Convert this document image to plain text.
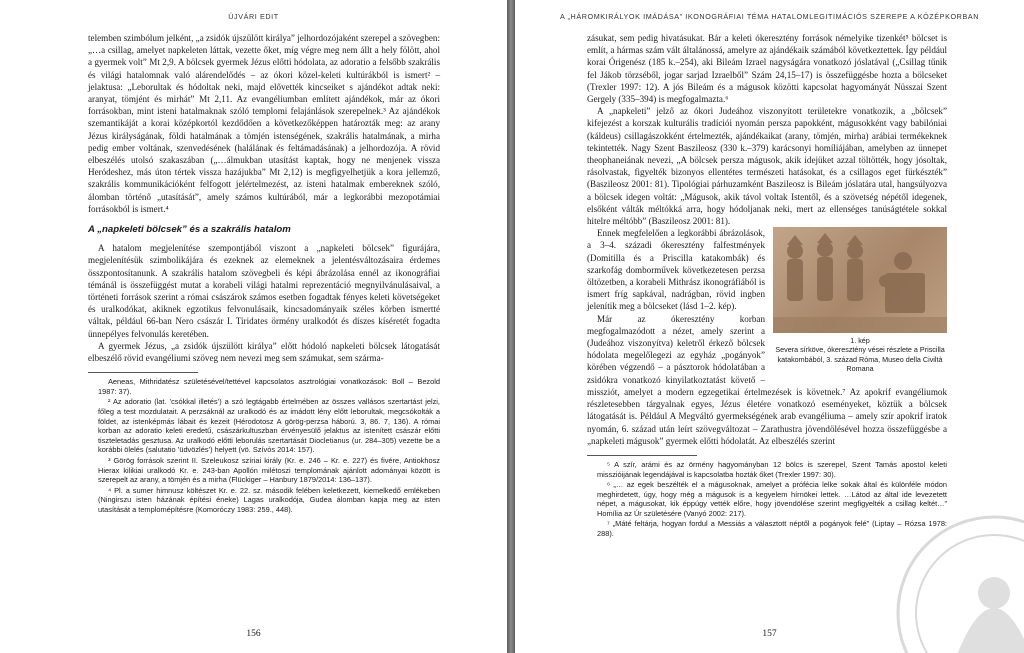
ÚJVÁRI EDIT

telemben szimbólum jelként, „a zsidók újszülött királya” jelhordozójaként szerepel a szövegben: „…a csillag, amelyet napkeleten láttak, vezette őket, míg végre meg nem állt a hely fölött, ahol a gyermek volt” Mt 2,9. A bölcsek gyermek Jézus előtti hódolata, az adoratio a felsőbb szakrális és világi hatalomnak való alárendelődés – az ókori közel-keleti kultúrákból is ismert² – jelaktusa: „Leborultak és hódoltak neki, majd elővették kincseiket s ajándékot adtak neki: aranyat, tömjént és mirhát” Mt 2,11. Az evangéliumban említett ajándékok, már az ókori forrásokban, mint isteni hatalmaknak szóló templomi felajánlások szerepelnek.³ Az ajándékok szemantikáját a korai középkortól kezdődően a következőképpen határozták meg: az arany Jézus királyságának, földi hatalmának a tömjén istenségének, szakrális hatalmának, a mirha pedig ember voltának, szenvedésének (halálának és feltámadásának) a jelhordozója. A rövid elbeszélés utolsó szakaszában („…álmukban utasítást kaptak, hogy ne menjenek vissza Heródeshez, más úton tértek vissza hazájukba” Mt 2,12) is megfigyelhetjük a kora jellemző, szakrális kommunikációként felfogott jelértelmezést, az isteni hatalmak embereknek szóló, álomban történő „utasítását”, amely számos kultúrából, már a legkorábbi mezopotámiai forrásokból is ismert.⁴

A „napkeleti bölcsek” és a szakrális hatalom

A hatalom megjelenítése szempontjából viszont a „napkeleti bölcsek” figurájára, megjelenítésük szimbolikájára és ezeknek az elemeknek a jelentésváltozásaira érdemes összpontosítanunk. A szakrális hatalom szövegbeli és képi ábrázolása ennél az ikonográfiai témánál is összefüggést mutat a korabeli világi hatalmi reprezentáció megnyilvánulásaival, a történeti források szerint a római császárok számos esetben fogadtak fényes keleti követségeket és uralkodókat, akiknek egzotikus felvonulásaik, kincsadományaik széles körben ismertté váltak, például 66-ban Nero császár I. Tiridates örmény uralkodót és díszes kíséretét fogadta ünnepélyes felvonulás keretében.

A gyermek Jézus, „a zsidók újszülött királya” előtt hódoló napkeleti bölcsek látogatását elbeszélő rövid evangéliumi szöveg nem nevezi meg sem számukat, sem szárma-

Aeneas, Mithridatész születésével/tettével kapcsolatos asztrológiai vonatkozások: Boll – Bezold 1987: 37).

² Az adoratio (lat. ’csókkal illetés’) a szó legtágabb értelmében az összes vallásos szertartást jelzi, főleg a test mozdulatait. A perzsáknál az uralkodó és az imádott lény előtt leborultak, megcsókolták a földet, az istenképmás lábait és kezeit (Hérodotosz A görög-perzsa háború. 3, 86. 7, 136). A római korban az adoratio keleti eredetű, császárkultuszban érvényesülő jelaktus az istenített császár előtti tiszteletadás gesztusa. Az uralkodó előtti leborulás szertartását Diocletianus (ur. 284–305) vezette be a korábbi ölelés (salutatio ’üdvözlés’) helyett (vö. Szívós 2014: 157).

³ Görög források szerint II. Szeleukosz szíriai király (Kr. e. 246 – Kr. e. 227) és fivére, Antiokhosz Hierax kilikiai uralkodó Kr. e. 243-ban Apollón milétoszi templomának ajánlott adományai között is szerepelt az arany, a tömjén és a mirha (Flückiger – Hanbury 1879/2014: 136–137).

⁴ Pl. a sumer himnusz költészet Kr. e. 22. sz. második felében keletkezett, kiemelkedő emlékeben (Ningirszu isten házának építési éneke) Lagas uralkodója, Gudea álomban kapja meg az isten utasítását a templomépítésre (Komoróczy 1983: 259., 448).

156
A „HÁROMKIRÁLYOK IMÁDÁSA” IKONOGRÁFIAI TÉMA HATALOMLEGITIMÁCIÓS SZEREPE A KÖZÉPKORBAN

zásukat, sem pedig hivatásukat. Bár a keleti ókeresztény források némelyike tizenkét⁵ bölcset is említ, a hármas szám vált általánossá, amelyre az ajándékaik számából következtettek. Így például korai Órigenész (185 k.–254), aki Bileám Izrael nagyságára vonatkozó jóslatával („Csillag tűnik fel Jákob törzséből, jogar sarjad Izraelből” Szám 24,15–17) is összefüggésbe hozta a bölcseket (Trexler 1997: 12). A jós Bileám és a mágusok közötti kapcsolat hagyományát Nüsszai Szent Gergely (335–394) is megfogalmazta.⁶

A „napkeleti” jelző az ókori Judeához viszonyított területekre vonatkozik, a „bölcsek” kifejezést a korszak kulturális tradíciói nyomán persza papokként, mágusokként vagy babilóniai (káldeus) csillagászokként értelmezték, ajándékaikat (arany, tömjén, mirha) arábiai termékeknek tekintették. Nagy Szent Baszileosz (330 k.–379) karácsonyi homíliájában, amelyben az ünnepet theophaneiának nevezi, „A bölcsek persza mágusok, akik idejüket azzal töltötték, hogy jósoltak, rásolvastak, figyelték bizonyos ellentétes természeti hatásokat, és a csillagos eget fürkészték” (Baszileosz 2001: 81). Tipológiai párhuzamként Baszileosz is Bileám jóslatára utal, hangsúlyozva a bölcsek idegen voltát: „Mágusok, akik távol voltak Istentől, és a szövetség népétől idegenek, elsőként válták méltókká arra, hogy hódoljanak neki, mert az ellenséges tanúságtétele sokkal hitelre méltóbb” (Baszileosz 2001: 81).

1. kép
Severa sírköve, ókeresztény vései részlete a Priscilla katakombából, 3. század Róma, Museo della Civiltà Romana

Ennek megfelelően a legkorábbi ábrázolások, a 3–4. századi ókeresztény falfestmények (Domitilla és a Priscilla katakombák) és szarkofág domborművek következetesen perzsa öltözetben, a korabeli Mithrász ikonográfiából is ismert fríg sapkával, nadrágban, rövid ingben jelenítik meg a bölcseket (lásd 1–2. kép).

Már az ókeresztény korban megfogalmazódott a nézet, amely szerint a (Judeához viszonyítva) keletről érkező bölcsek hódolata megelőlegezi az egyház „pogányok” körében végzendő – a pásztorok hódolatában a zsidókra vonatkozó kinyilatkoztatást követő – missziót, amelyet a modern egzegetikai értelmezések is követnek.⁷ Az apokrif evangéliumok részletesebben tárgyalnak egyes, Jézus életére vonatkozó eseményeket, köztük a bölcsek látogatását is. Például A Megváltó gyermekségének arab evangéliuma – amely szír apokrif iratok nyomán, 6. század után leírt szövegváltozat – Zarathustra jövendölésével hozza összefüggésbe a „napkeleti mágusok” gyermek előtti hódolatát. Az elbeszélés szerint

⁵ A szír, arámi és az örmény hagyományban 12 bölcs is szerepel, Szent Tamás apostol keleti misszióijának legendájával is kapcsolatba hozták őket (Trexler 1997: 30).

⁶ „… az egek beszélték el a mágusoknak, amelyet a prófécia lelke sokak által és különféle módon meghirdetett, úgy, hogy még a mágusok is a kegyelem hírnökei lettek. …Látod az által ide levezetett népet, a mágusokat, kik éppúgy vették előre, hogy jövendölése szerint megfigyelték a csillag keltét…” Homília az Úr születésére (Vanyó 2002: 217).

⁷ „Máté feltárja, hogyan fordul a Messiás a választott néptől a pogányok felé” (Liptay – Rózsa 1978: 288).

157
